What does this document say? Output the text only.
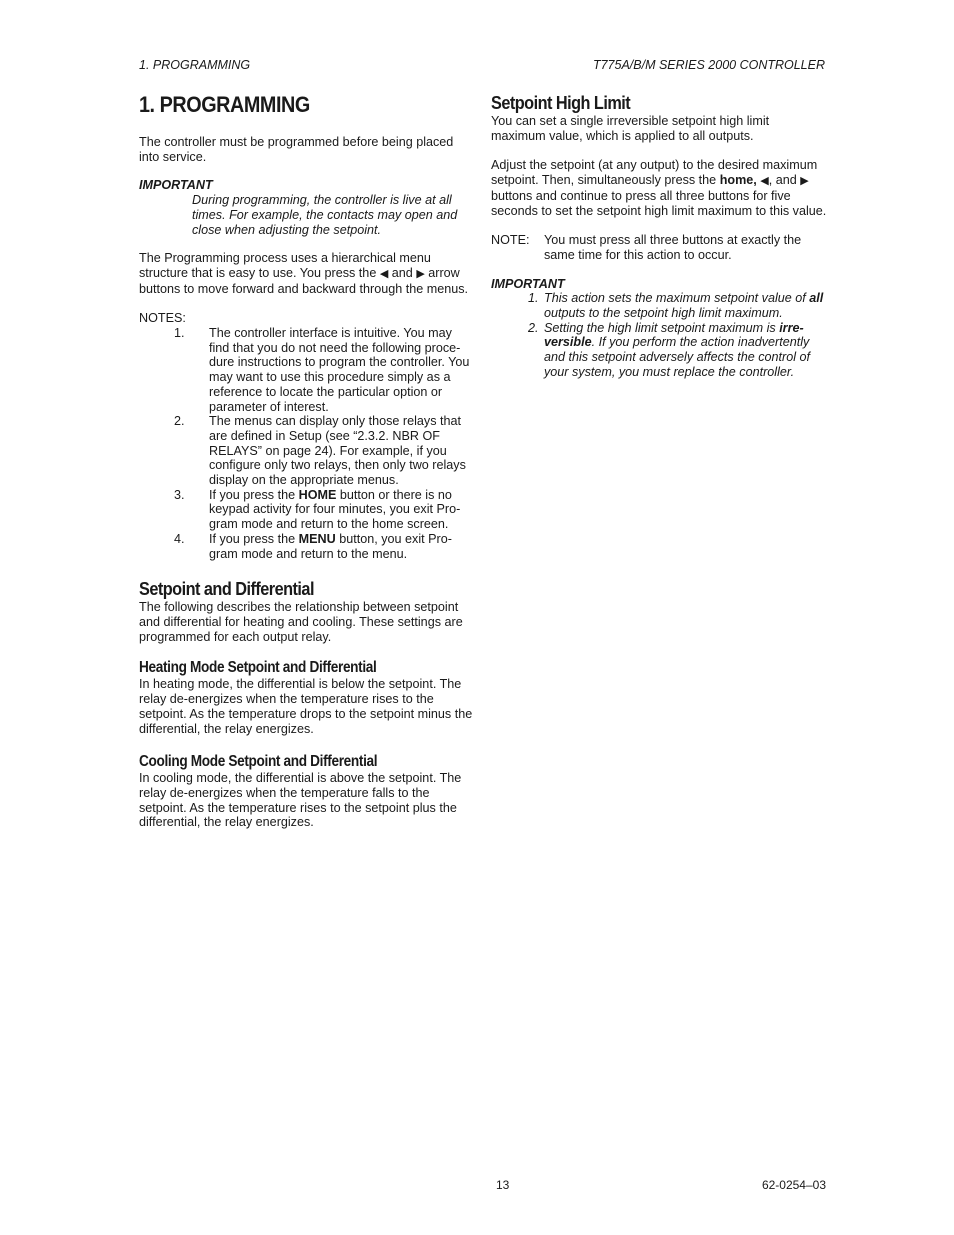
1. PROGRAMMING	T775A/B/M SERIES 2000 CONTROLLER
1. PROGRAMMING

The controller must be programmed before being placed into service.

IMPORTANT

During programming, the controller is live at all times. For example, the contacts may open and close when adjusting the setpoint.

The Programming process uses a hierarchical menu structure that is easy to use. You press the ◀ and ▶ arrow buttons to move forward and backward through the menus.

NOTES:

1. The controller interface is intuitive. You may find that you do not need the following proce-dure instructions to program the controller. You may want to use this procedure simply as a reference to locate the particular option or parameter of interest.
2. The menus can display only those relays that are defined in Setup (see “2.3.2. NBR OF RELAYS” on page 24). For example, if you configure only two relays, then only two relays display on the appropriate menus.
3. If you press the HOME button or there is no keypad activity for four minutes, you exit Pro-gram mode and return to the home screen.
4. If you press the MENU button, you exit Pro-gram mode and return to the menu.
Setpoint and Differential

The following describes the relationship between setpoint and differential for heating and cooling. These settings are programmed for each output relay.

Heating Mode Setpoint and Differential

In heating mode, the differential is below the setpoint. The relay de-energizes when the temperature rises to the setpoint. As the temperature drops to the setpoint minus the differential, the relay energizes.

Cooling Mode Setpoint and Differential

In cooling mode, the differential is above the setpoint. The relay de-energizes when the temperature falls to the setpoint. As the temperature rises to the setpoint plus the differential, the relay energizes.

Setpoint High Limit

You can set a single irreversible setpoint high limit maximum value, which is applied to all outputs.

Adjust the setpoint (at any output) to the desired maximum setpoint. Then, simultaneously press the home, ◀, and ▶ buttons and continue to press all three buttons for five seconds to set the setpoint high limit maximum to this value.

NOTE:	You must press all three buttons at exactly the same time for this action to occur.

IMPORTANT

1. This action sets the maximum setpoint value of all outputs to the setpoint high limit maximum.
2. Setting the high limit setpoint maximum is irre-versible. If you perform the action inadvertently and this setpoint adversely affects the control of your system, you must replace the controller.
13	62-0254–03
